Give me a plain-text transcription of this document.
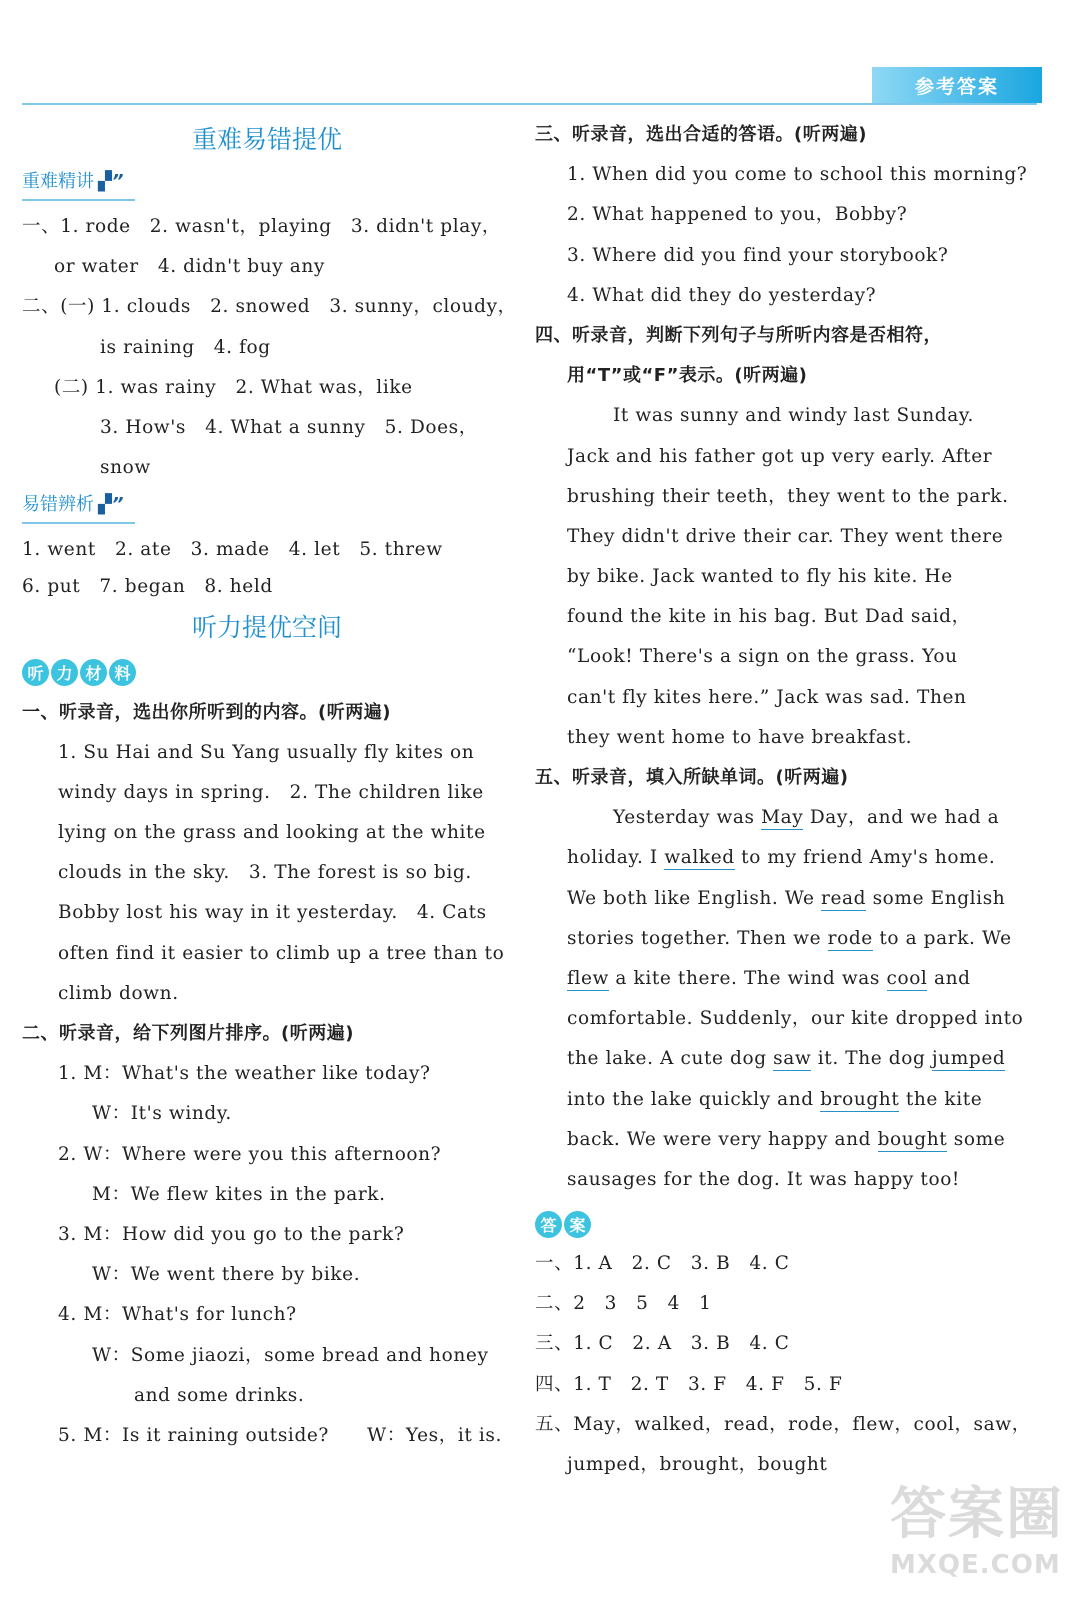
参考答案
重难易错提优
重难精讲 ▞”
一、1. rode　2. wasn't，playing　3. didn't play，
or water　4. didn't buy any
二、(一) 1. clouds　2. snowed　3. sunny，cloudy，
is raining　4. fog
(二) 1. was rainy　2. What was，like
3. How's　4. What a sunny　5. Does，
snow
易错辨析 ▞”
1. went　2. ate　3. made　4. let　5. threw
6. put　7. began　8. held
听力提优空间
听 力 材 料
一、听录音，选出你所听到的内容。(听两遍)
1. Su Hai and Su Yang usually fly kites on
windy days in spring.　2. The children like
lying on the grass and looking at the white
clouds in the sky.　3. The forest is so big.
Bobby lost his way in it yesterday.　4. Cats
often find it easier to climb up a tree than to
climb down.
二、听录音，给下列图片排序。(听两遍)
1. M：What's the weather like today?
W：It's windy.
2. W：Where were you this afternoon?
M：We flew kites in the park.
3. M：How did you go to the park?
W：We went there by bike.
4. M：What's for lunch?
W：Some jiaozi，some bread and honey
and some drinks.
5. M：Is it raining outside?　　W：Yes，it is.
三、听录音，选出合适的答语。(听两遍)
1. When did you come to school this morning?
2. What happened to you，Bobby?
3. Where did you find your storybook?
4. What did they do yesterday?
四、听录音，判断下列句子与所听内容是否相符，
用“T”或“F”表示。(听两遍)
It was sunny and windy last Sunday.
Jack and his father got up very early. After
brushing their teeth，they went to the park.
They didn't drive their car. They went there
by bike. Jack wanted to fly his kite. He
found the kite in his bag. But Dad said，
“Look! There's a sign on the grass. You
can't fly kites here.” Jack was sad. Then
they went home to have breakfast.
五、听录音，填入所缺单词。(听两遍)
Yesterday was May Day，and we had a
holiday. I walked to my friend Amy's home.
We both like English. We read some English
stories together. Then we rode to a park. We
flew a kite there. The wind was cool and
comfortable. Suddenly，our kite dropped into
the lake. A cute dog saw it. The dog jumped
into the lake quickly and brought the kite
back. We were very happy and bought some
sausages for the dog. It was happy too!
答 案
一、1. A　2. C　3. B　4. C
二、2　3　5　4　1
三、1. C　2. A　3. B　4. C
四、1. T　2. T　3. F　4. F　5. F
五、May，walked，read，rode，flew，cool，saw，
jumped，brought，bought
答案圈
MXQE.COM
